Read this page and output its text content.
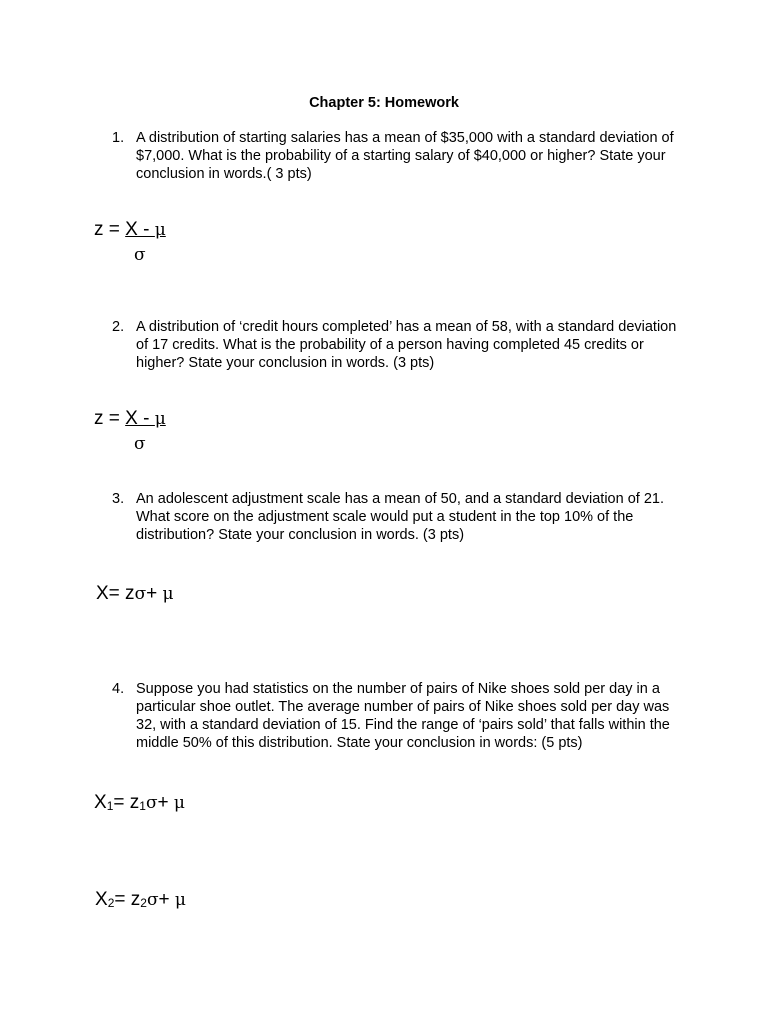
Chapter 5: Homework
1. A distribution of starting salaries has a mean of $35,000 with a standard deviation of $7,000. What is the probability of a starting salary of $40,000 or higher? State your conclusion in words.( 3 pts)
z = X - μ
σ
2. A distribution of ‘credit hours completed’ has a mean of 58, with a standard deviation of 17 credits. What is the probability of a person having completed 45 credits or higher? State your conclusion in words. (3 pts)
z = X - μ
σ
3. An adolescent adjustment scale has a mean of 50, and a standard deviation of 21. What score on the adjustment scale would put a student in the top 10% of the distribution? State your conclusion in words. (3 pts)
X= zσ+ μ
4. Suppose you had statistics on the number of pairs of Nike shoes sold per day in a particular shoe outlet. The average number of pairs of Nike shoes sold per day was 32, with a standard deviation of 15. Find the range of ‘pairs sold’ that falls within the middle 50% of this distribution. State your conclusion in words: (5 pts)
$X_1= z_1\sigma+ \mu$
$X_2= z_2\sigma+ \mu$
